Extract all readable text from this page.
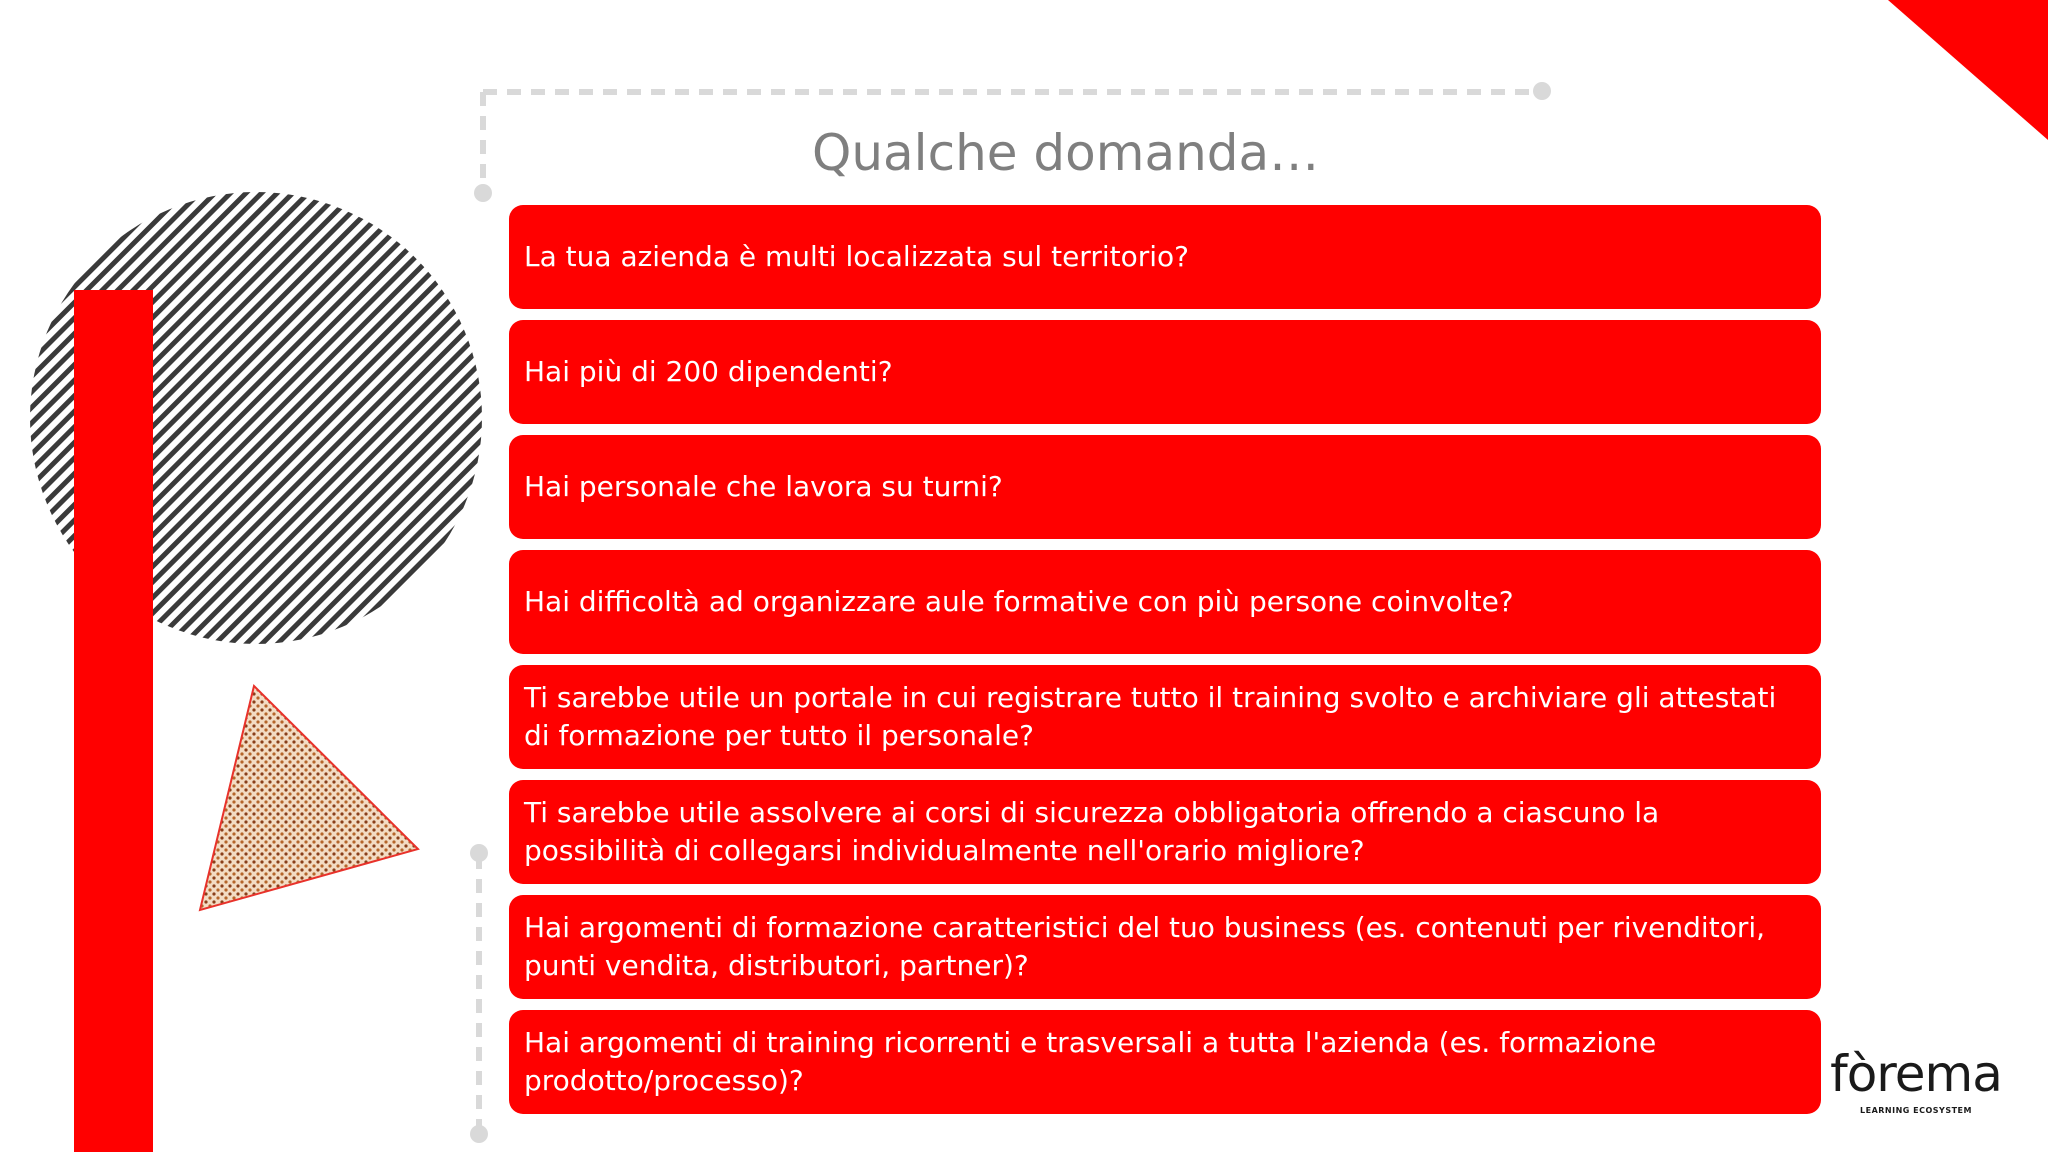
Qualche domanda…
La tua azienda è multi localizzata sul territorio?
Hai più di 200 dipendenti?
Hai personale che lavora su turni?
Hai difficoltà ad organizzare aule formative con più persone coinvolte?
Ti sarebbe utile un portale in cui registrare tutto il training svolto e archiviare gli attestati di formazione per tutto il personale?
Ti sarebbe utile assolvere ai corsi di sicurezza obbligatoria offrendo a ciascuno la possibilità di collegarsi individualmente nell'orario migliore?
Hai argomenti di formazione caratteristici del tuo business (es. contenuti per rivenditori, punti vendita, distributori, partner)?
Hai argomenti di training ricorrenti e trasversali a tutta l'azienda (es. formazione prodotto/processo)?	fòrema
LEARNING ECOSYSTEM
